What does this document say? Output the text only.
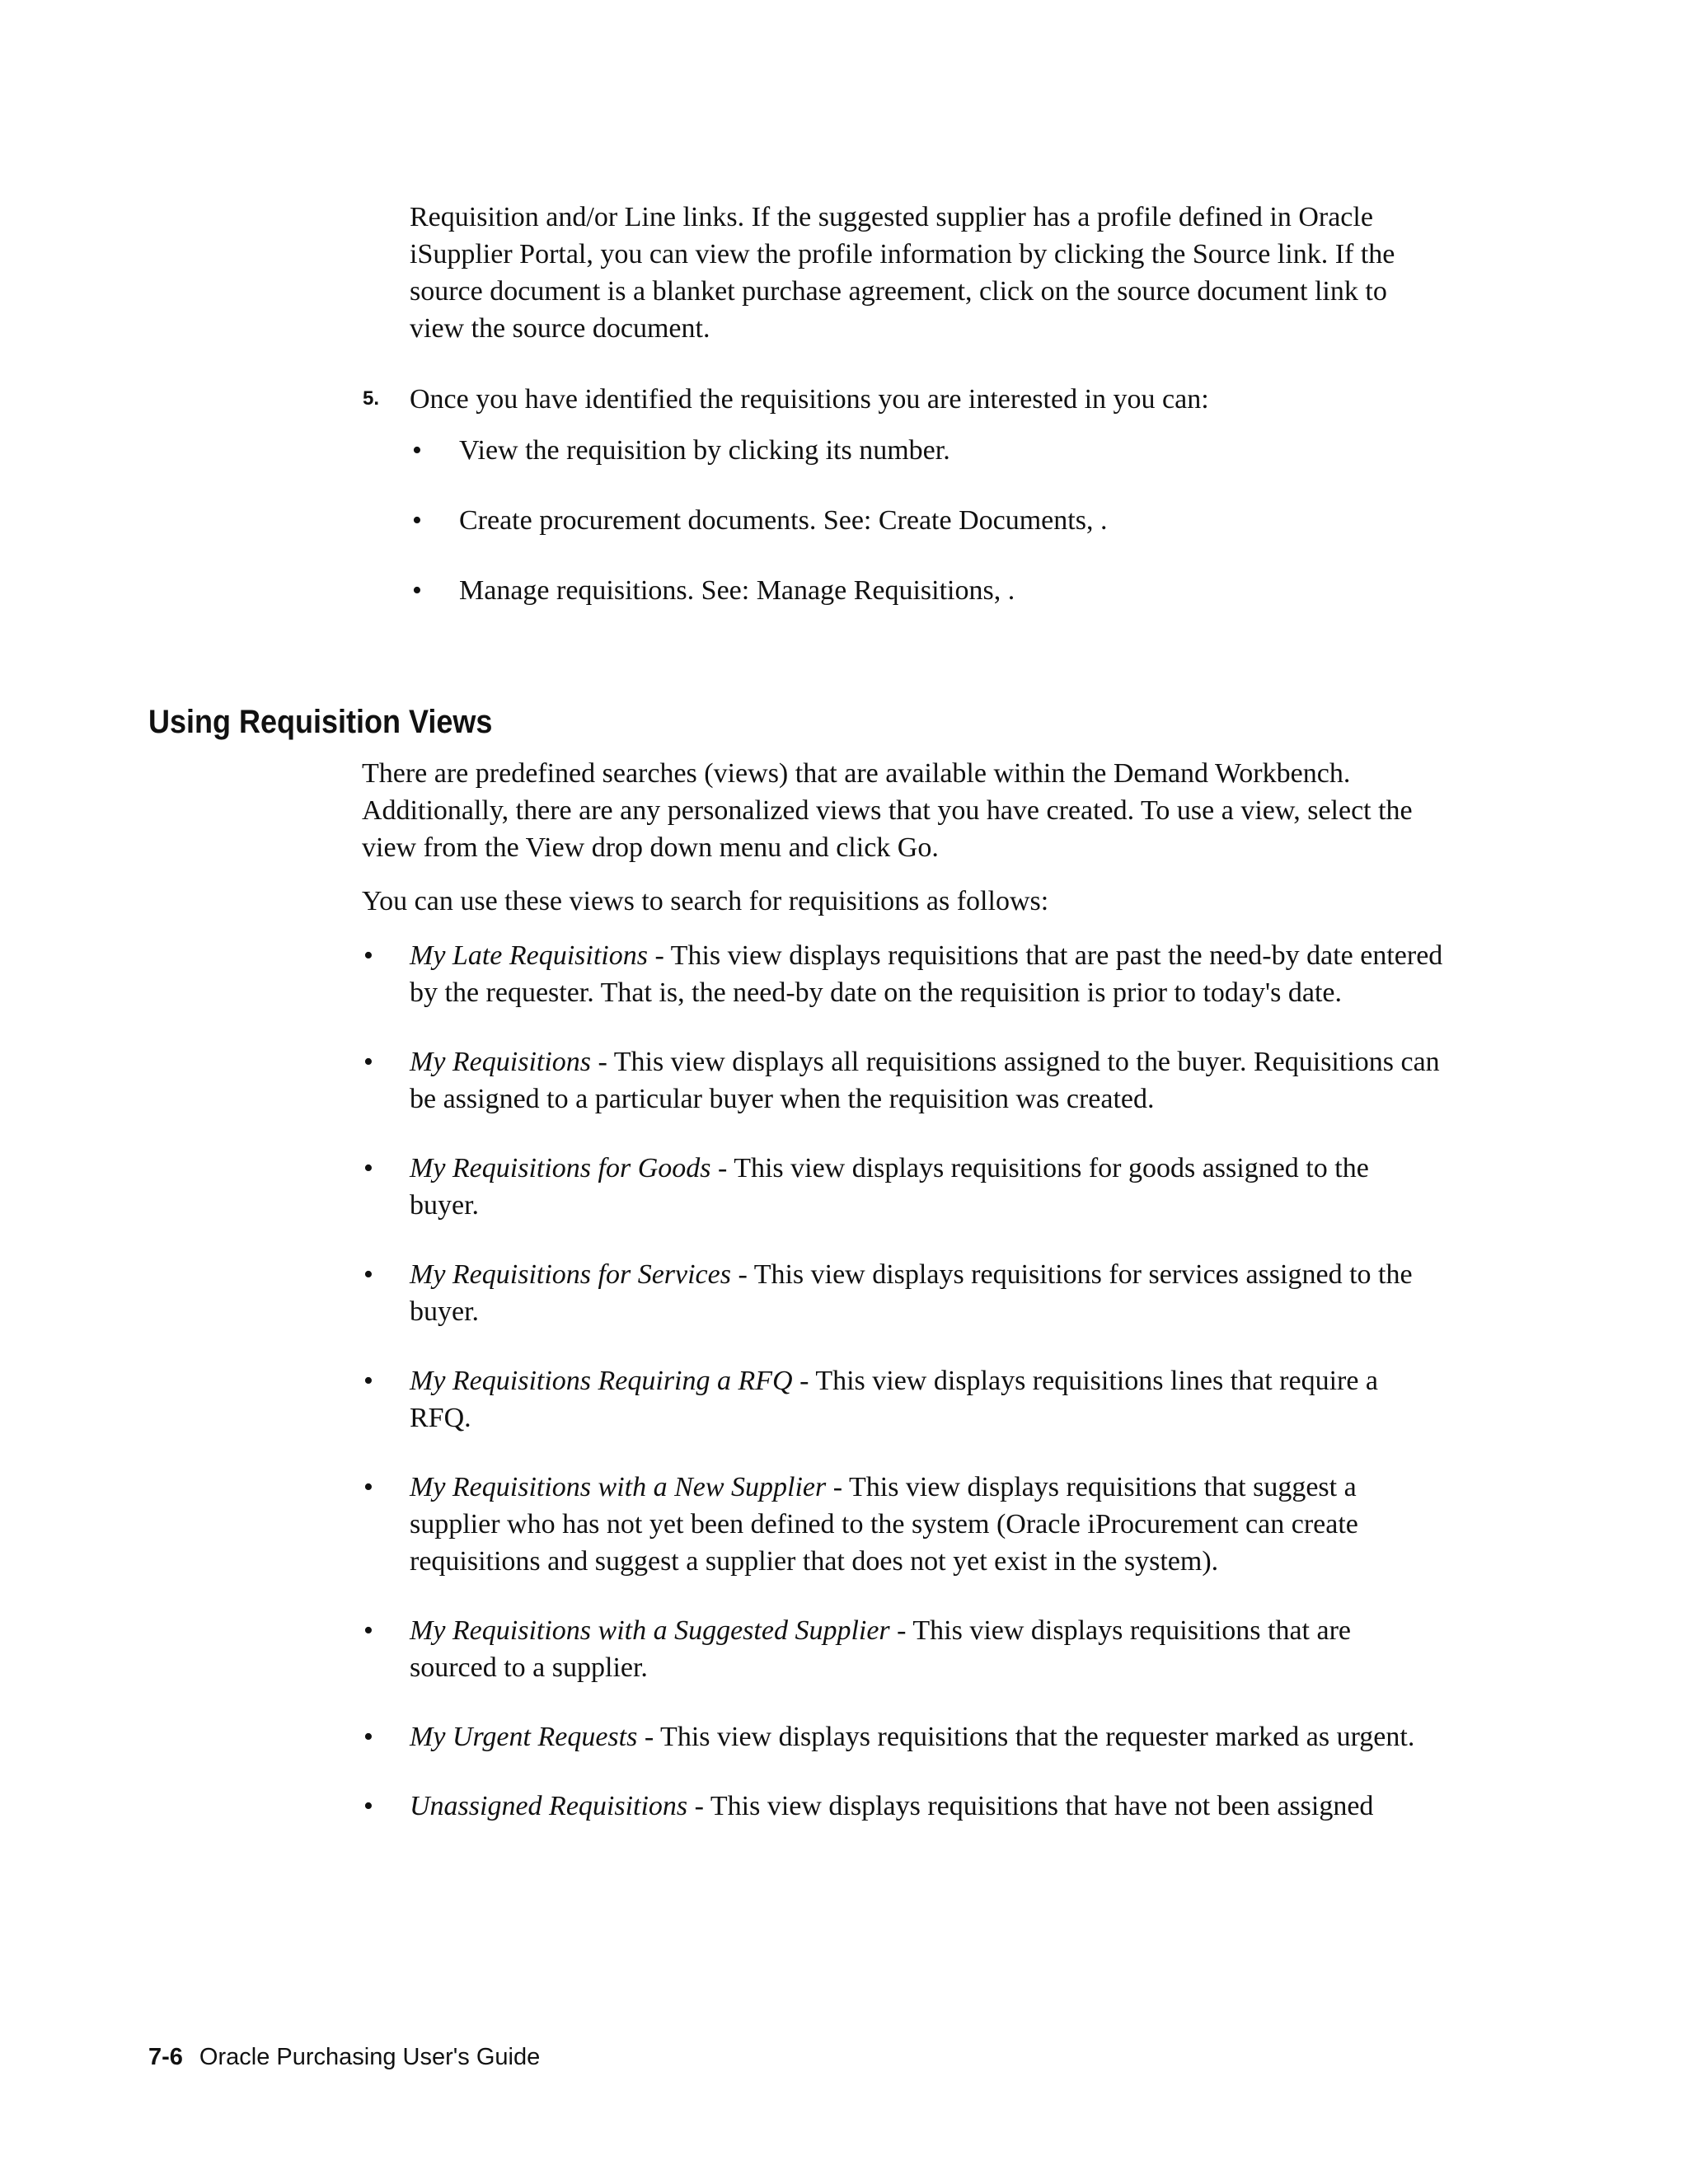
Requisition and/or Line links. If the suggested supplier has a profile defined in Oracle iSupplier Portal, you can view the profile information by clicking the Source link. If the source document is a blanket purchase agreement, click on the source document link to view the source document.

5. Once you have identified the requisitions you are interested in you can:

• View the requisition by clicking its number.
• Create procurement documents. See: Create Documents, .
• Manage requisitions. See: Manage Requisitions, .
Using Requisition Views

There are predefined searches (views) that are available within the Demand Workbench. Additionally, there are any personalized views that you have created. To use a view, select the view from the View drop down menu and click Go.

You can use these views to search for requisitions as follows:

• My Late Requisitions - This view displays requisitions that are past the need-by date entered by the requester. That is, the need-by date on the requisition is prior to today's date.
• My Requisitions - This view displays all requisitions assigned to the buyer. Requisitions can be assigned to a particular buyer when the requisition was created.
• My Requisitions for Goods - This view displays requisitions for goods assigned to the buyer.
• My Requisitions for Services - This view displays requisitions for services assigned to the buyer.
• My Requisitions Requiring a RFQ - This view displays requisitions lines that require a RFQ.
• My Requisitions with a New Supplier - This view displays requisitions that suggest a supplier who has not yet been defined to the system (Oracle iProcurement can create requisitions and suggest a supplier that does not yet exist in the system).
• My Requisitions with a Suggested Supplier - This view displays requisitions that are sourced to a supplier.
• My Urgent Requests - This view displays requisitions that the requester marked as urgent.
• Unassigned Requisitions - This view displays requisitions that have not been assigned
7-6 Oracle Purchasing User's Guide
